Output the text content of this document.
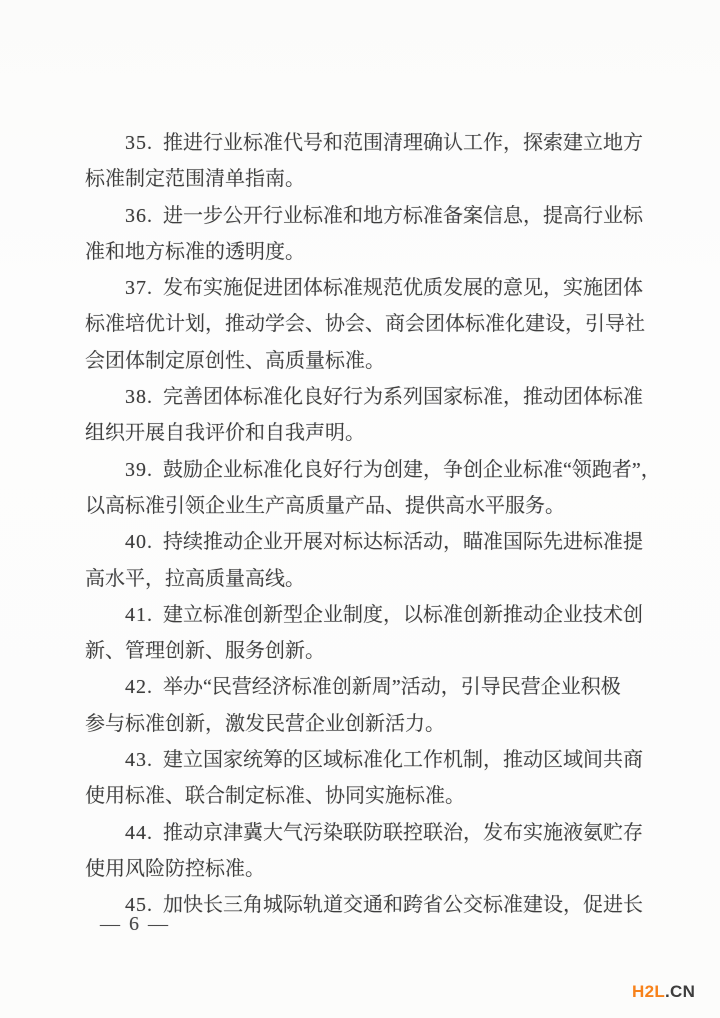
35. 推进行业标准代号和范围清理确认工作，探索建立地方
标准制定范围清单指南。
36. 进一步公开行业标准和地方标准备案信息，提高行业标
准和地方标准的透明度。
37. 发布实施促进团体标准规范优质发展的意见，实施团体
标准培优计划，推动学会、协会、商会团体标准化建设，引导社
会团体制定原创性、高质量标准。
38. 完善团体标准化良好行为系列国家标准，推动团体标准
组织开展自我评价和自我声明。
39. 鼓励企业标准化良好行为创建，争创企业标准“领跑者”，
以高标准引领企业生产高质量产品、提供高水平服务。
40. 持续推动企业开展对标达标活动，瞄准国际先进标准提
高水平，拉高质量高线。
41. 建立标准创新型企业制度，以标准创新推动企业技术创
新、管理创新、服务创新。
42. 举办“民营经济标准创新周”活动，引导民营企业积极
参与标准创新，激发民营企业创新活力。
43. 建立国家统筹的区域标准化工作机制，推动区域间共商
使用标准、联合制定标准、协同实施标准。
44. 推动京津冀大气污染联防联控联治，发布实施液氨贮存
使用风险防控标准。
45. 加快长三角城际轨道交通和跨省公交标准建设，促进长
— 6 —
H2L.CN
